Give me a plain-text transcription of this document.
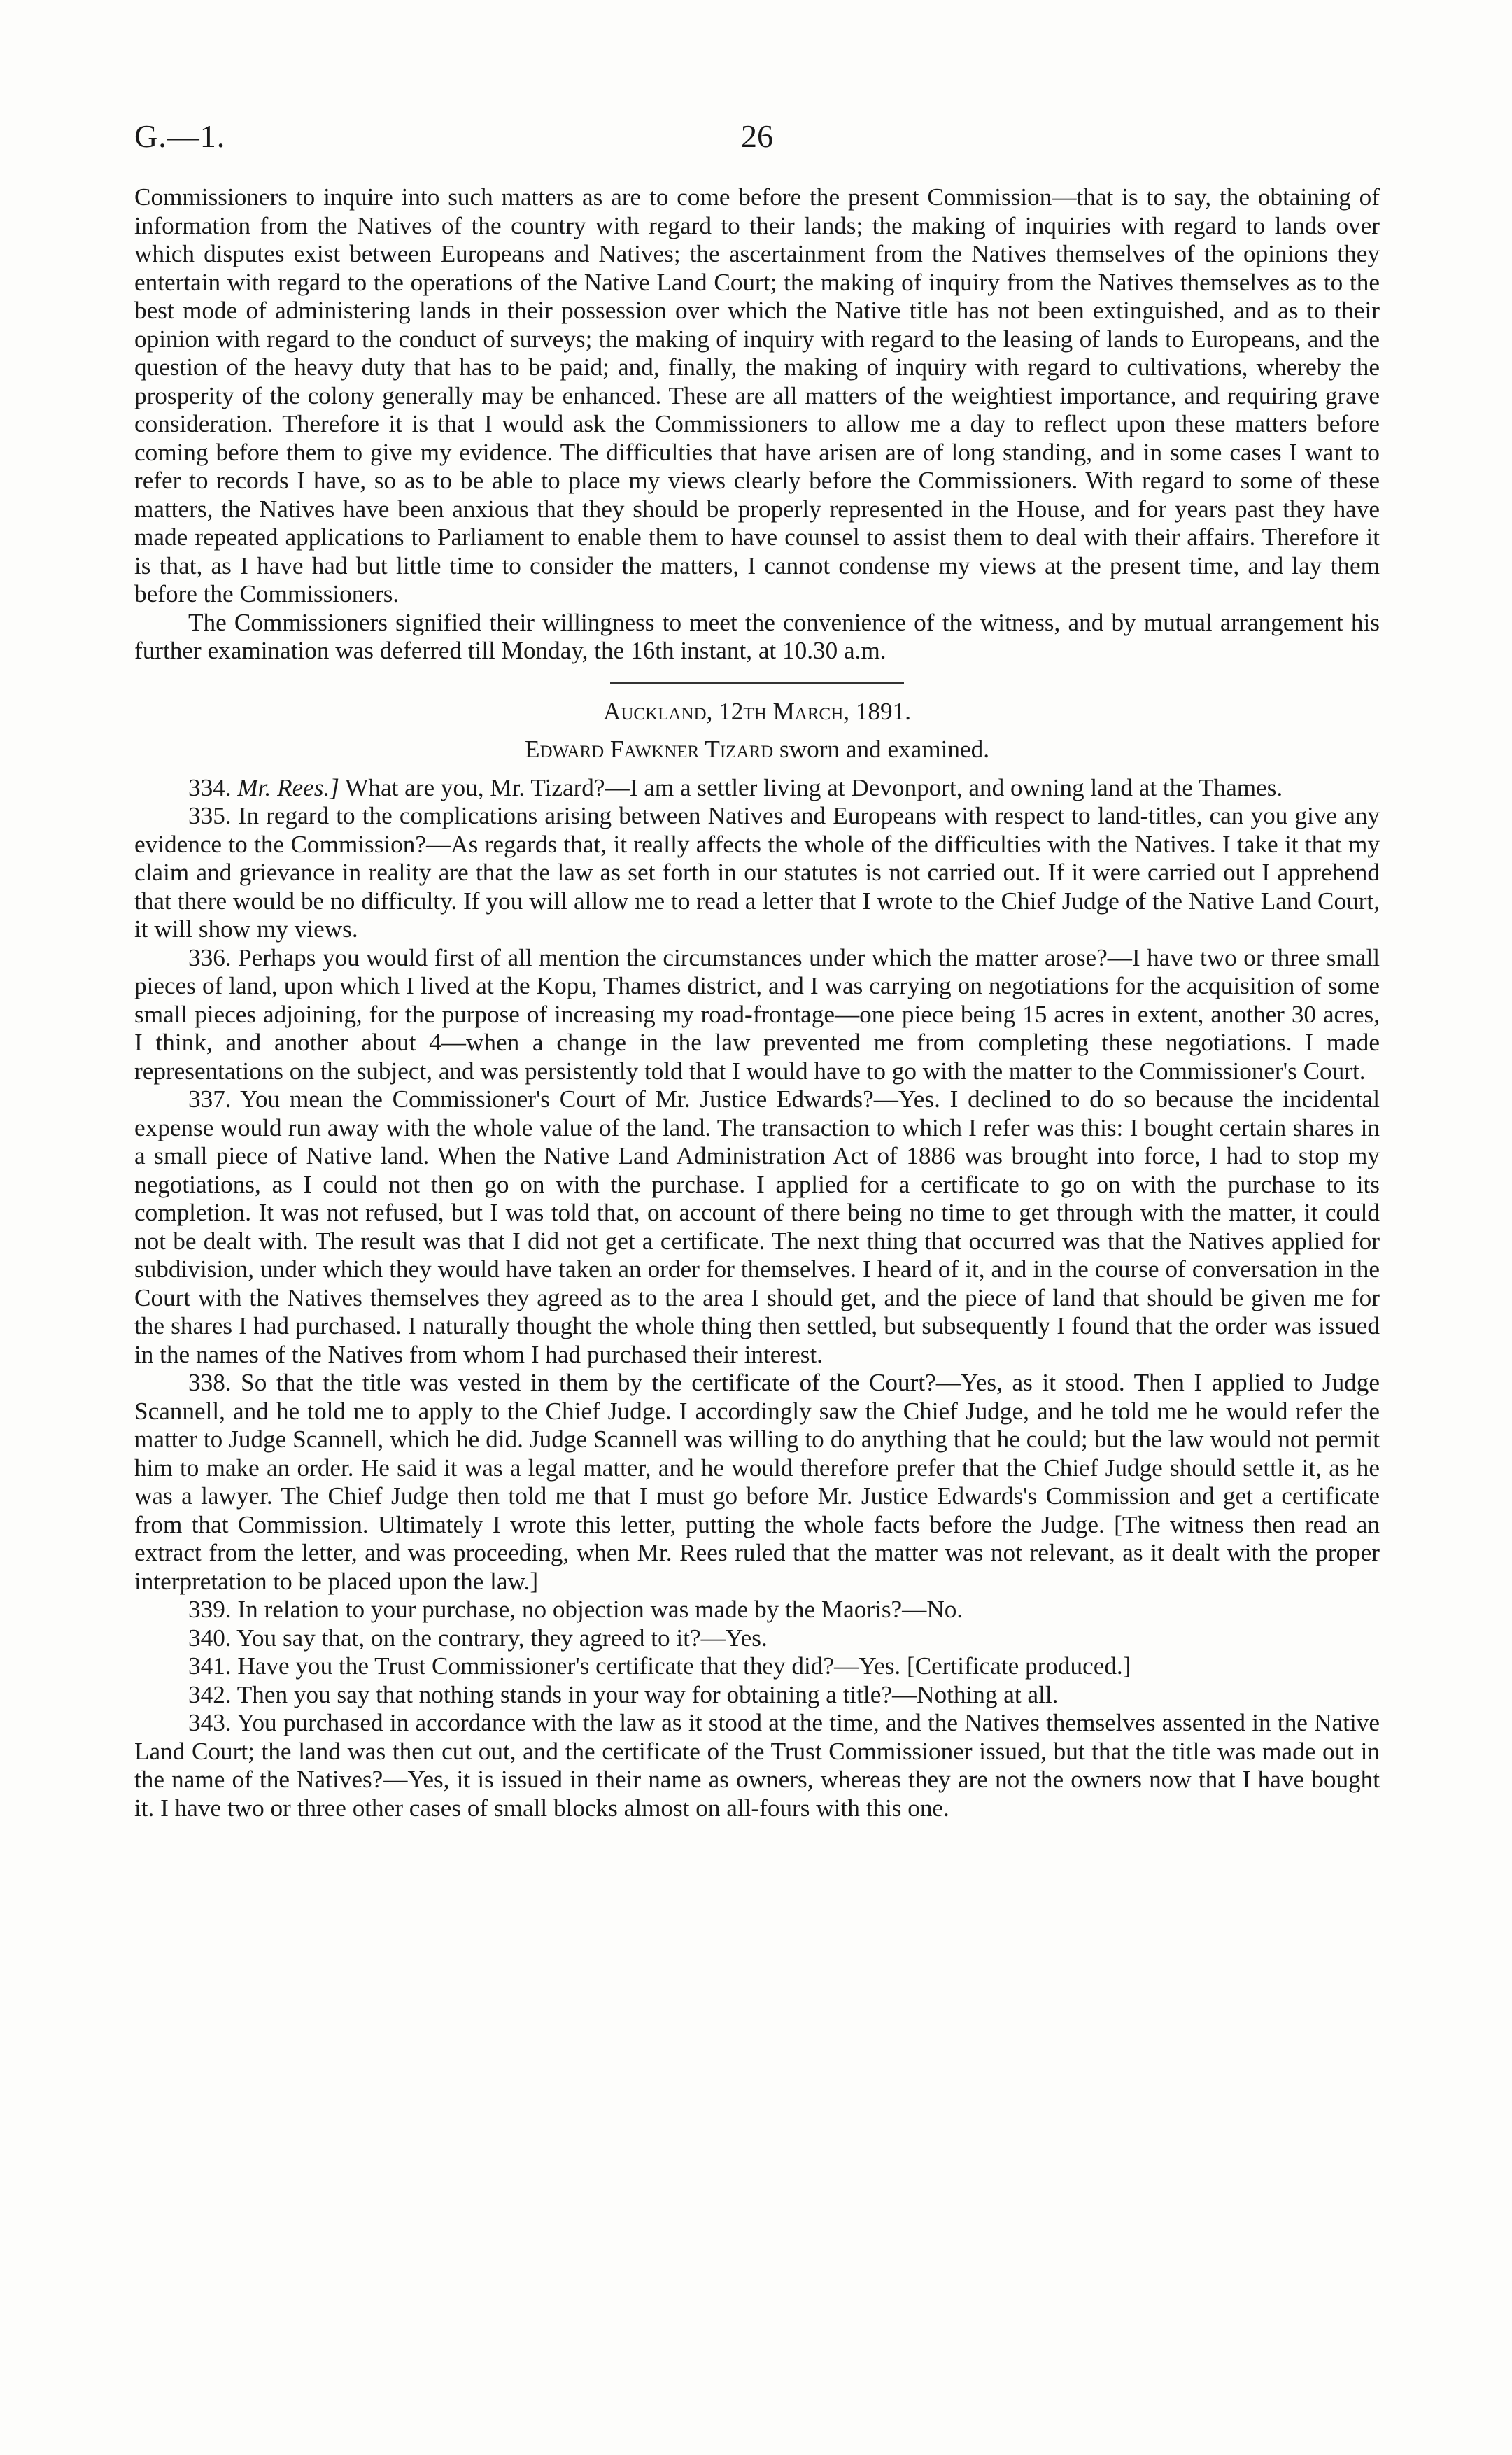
G.—1.	26

Commissioners to inquire into such matters as are to come before the present Commission—that is to say, the obtaining of information from the Natives of the country with regard to their lands; the making of inquiries with regard to lands over which disputes exist between Europeans and Natives; the ascertainment from the Natives themselves of the opinions they entertain with regard to the operations of the Native Land Court; the making of inquiry from the Natives themselves as to the best mode of administering lands in their possession over which the Native title has not been extinguished, and as to their opinion with regard to the conduct of surveys; the making of inquiry with regard to the leasing of lands to Europeans, and the question of the heavy duty that has to be paid; and, finally, the making of inquiry with regard to cultivations, whereby the prosperity of the colony generally may be enhanced. These are all matters of the weightiest importance, and requiring grave consideration. Therefore it is that I would ask the Commissioners to allow me a day to reflect upon these matters before coming before them to give my evidence. The difficulties that have arisen are of long standing, and in some cases I want to refer to records I have, so as to be able to place my views clearly before the Commissioners. With regard to some of these matters, the Natives have been anxious that they should be properly represented in the House, and for years past they have made repeated applications to Parliament to enable them to have counsel to assist them to deal with their affairs. Therefore it is that, as I have had but little time to consider the matters, I cannot condense my views at the present time, and lay them before the Commissioners.

The Commissioners signified their willingness to meet the convenience of the witness, and by mutual arrangement his further examination was deferred till Monday, the 16th instant, at 10.30 a.m.

Auckland, 12th March, 1891.

Edward Fawkner Tizard sworn and examined.

334. Mr. Rees.] What are you, Mr. Tizard?—I am a settler living at Devonport, and owning land at the Thames.

335. In regard to the complications arising between Natives and Europeans with respect to land-titles, can you give any evidence to the Commission?—As regards that, it really affects the whole of the difficulties with the Natives. I take it that my claim and grievance in reality are that the law as set forth in our statutes is not carried out. If it were carried out I apprehend that there would be no difficulty. If you will allow me to read a letter that I wrote to the Chief Judge of the Native Land Court, it will show my views.

336. Perhaps you would first of all mention the circumstances under which the matter arose?—I have two or three small pieces of land, upon which I lived at the Kopu, Thames district, and I was carrying on negotiations for the acquisition of some small pieces adjoining, for the purpose of increasing my road-frontage—one piece being 15 acres in extent, another 30 acres, I think, and another about 4—when a change in the law prevented me from completing these negotiations. I made representations on the subject, and was persistently told that I would have to go with the matter to the Commissioner's Court.

337. You mean the Commissioner's Court of Mr. Justice Edwards?—Yes. I declined to do so because the incidental expense would run away with the whole value of the land. The transaction to which I refer was this: I bought certain shares in a small piece of Native land. When the Native Land Administration Act of 1886 was brought into force, I had to stop my negotiations, as I could not then go on with the purchase. I applied for a certificate to go on with the purchase to its completion. It was not refused, but I was told that, on account of there being no time to get through with the matter, it could not be dealt with. The result was that I did not get a certificate. The next thing that occurred was that the Natives applied for subdivision, under which they would have taken an order for themselves. I heard of it, and in the course of conversation in the Court with the Natives themselves they agreed as to the area I should get, and the piece of land that should be given me for the shares I had purchased. I naturally thought the whole thing then settled, but subsequently I found that the order was issued in the names of the Natives from whom I had purchased their interest.

338. So that the title was vested in them by the certificate of the Court?—Yes, as it stood. Then I applied to Judge Scannell, and he told me to apply to the Chief Judge. I accordingly saw the Chief Judge, and he told me he would refer the matter to Judge Scannell, which he did. Judge Scannell was willing to do anything that he could; but the law would not permit him to make an order. He said it was a legal matter, and he would therefore prefer that the Chief Judge should settle it, as he was a lawyer. The Chief Judge then told me that I must go before Mr. Justice Edwards's Commission and get a certificate from that Commission. Ultimately I wrote this letter, putting the whole facts before the Judge. [The witness then read an extract from the letter, and was proceeding, when Mr. Rees ruled that the matter was not relevant, as it dealt with the proper interpretation to be placed upon the law.]

339. In relation to your purchase, no objection was made by the Maoris?—No.

340. You say that, on the contrary, they agreed to it?—Yes.

341. Have you the Trust Commissioner's certificate that they did?—Yes. [Certificate produced.]

342. Then you say that nothing stands in your way for obtaining a title?—Nothing at all.

343. You purchased in accordance with the law as it stood at the time, and the Natives themselves assented in the Native Land Court; the land was then cut out, and the certificate of the Trust Commissioner issued, but that the title was made out in the name of the Natives?—Yes, it is issued in their name as owners, whereas they are not the owners now that I have bought it. I have two or three other cases of small blocks almost on all-fours with this one.
